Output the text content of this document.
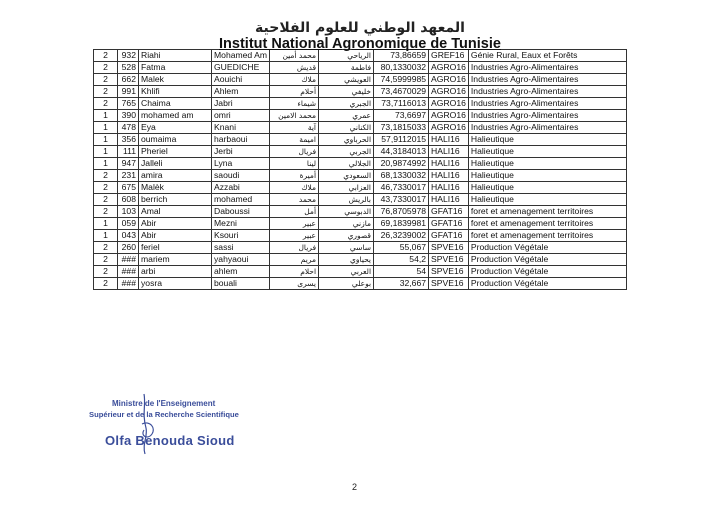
المعهد الوطني للعلوم الفلاحية
Institut National Agronomique de Tunisie
2	932	Riahi	Mohamed Am	محمد أمين	الرياحي	73,86659	GREF16	Génie Rural, Eaux et Forêts
2	528	Fatma	GUEDICHE	قديش	فاطمة	80,1330032	AGRO16	Industries Agro-Alimentaires
2	662	Malek	Aouichi	ملاك	العويشي	74,5999985	AGRO16	Industries Agro-Alimentaires
2	991	Khlifi	Ahlem	أحلام	خليفي	73,4670029	AGRO16	Industries Agro-Alimentaires
2	765	Chaima	Jabri	شيماء	الجبري	73,7116013	AGRO16	Industries Agro-Alimentaires
1	390	mohamed am	omri	محمد الامين	عمري	73,6697	AGRO16	Industries Agro-Alimentaires
1	478	Eya	Knani	آية	الكناني	73,1815033	AGRO16	Industries Agro-Alimentaires
1	356	oumaima	harbaoui	اميمة	الحرباوي	57,9112015	HALI16	Halieutique
1	111	Pheriel	Jerbi	فريال	الجربي	44,3184013	HALI16	Halieutique
1	947	Jalleli	Lyna	لينا	الجلالي	20,9874992	HALI16	Halieutique
2	231	amira	saoudi	أميرة	السعودي	68,1330032	HALI16	Halieutique
2	675	Malèk	Azzabi	ملاك	العزابي	46,7330017	HALI16	Halieutique
2	608	berrich	mohamed	محمد	بالريش	43,7330017	HALI16	Halieutique
2	103	Amal	Daboussi	أمل	الدبوسي	76,8705978	GFAT16	foret et amenagement territoires
1	059	Abir	Mezni	عبير	مازني	69,1839981	GFAT16	foret et amenagement territoires
1	043	Abir	Ksouri	عبير	قصوري	26,3239002	GFAT16	foret et amenagement territoires
2	260	feriel	sassi	فريال	ساسي	55,067	SPVE16	Production Végétale
2	###	mariem	yahyaoui	مريم	يحياوي	54,2	SPVE16	Production Végétale
2	###	arbi	ahlem	احلام	العربي	54	SPVE16	Production Végétale
2	###	yosra	bouali	يسرى	بوعلي	32,667	SPVE16	Production Végétale
Ministre de l'Enseignement
Supérieur et de la Recherche Scientifique
Olfa Benouda Sioud
2
